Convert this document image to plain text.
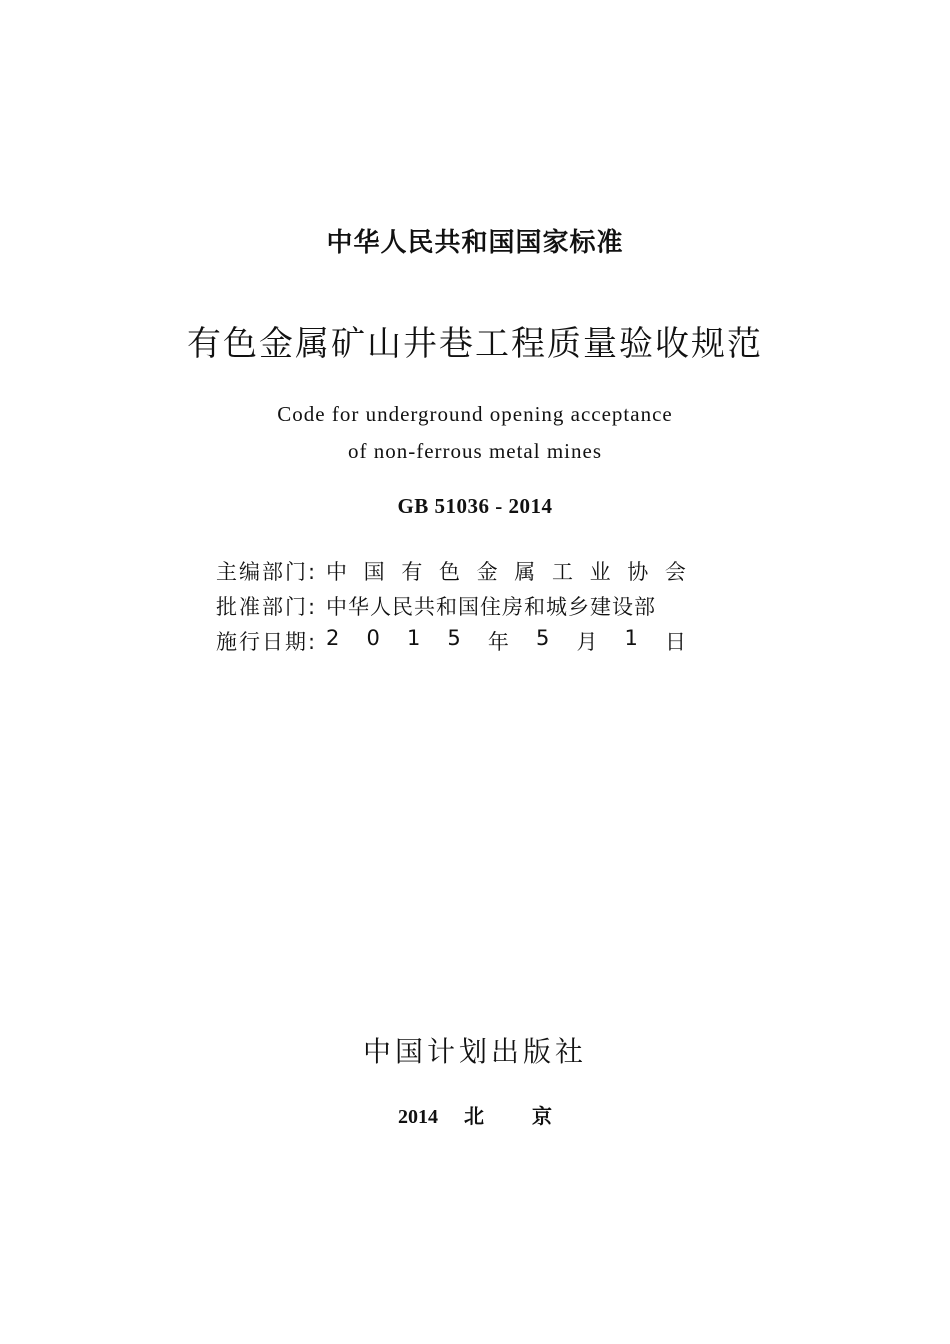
中华人民共和国国家标准
有色金属矿山井巷工程质量验收规范
Code for underground opening acceptance
of non-ferrous metal mines
GB 51036 - 2014
主编部门: 中 国 有 色 金 属 工 业 协 会
批准部门: 中华人民共和国住房和城乡建设部
施行日期: 2 0 1 5 年 5 月 1 日
中国计划出版社
2014 北京
